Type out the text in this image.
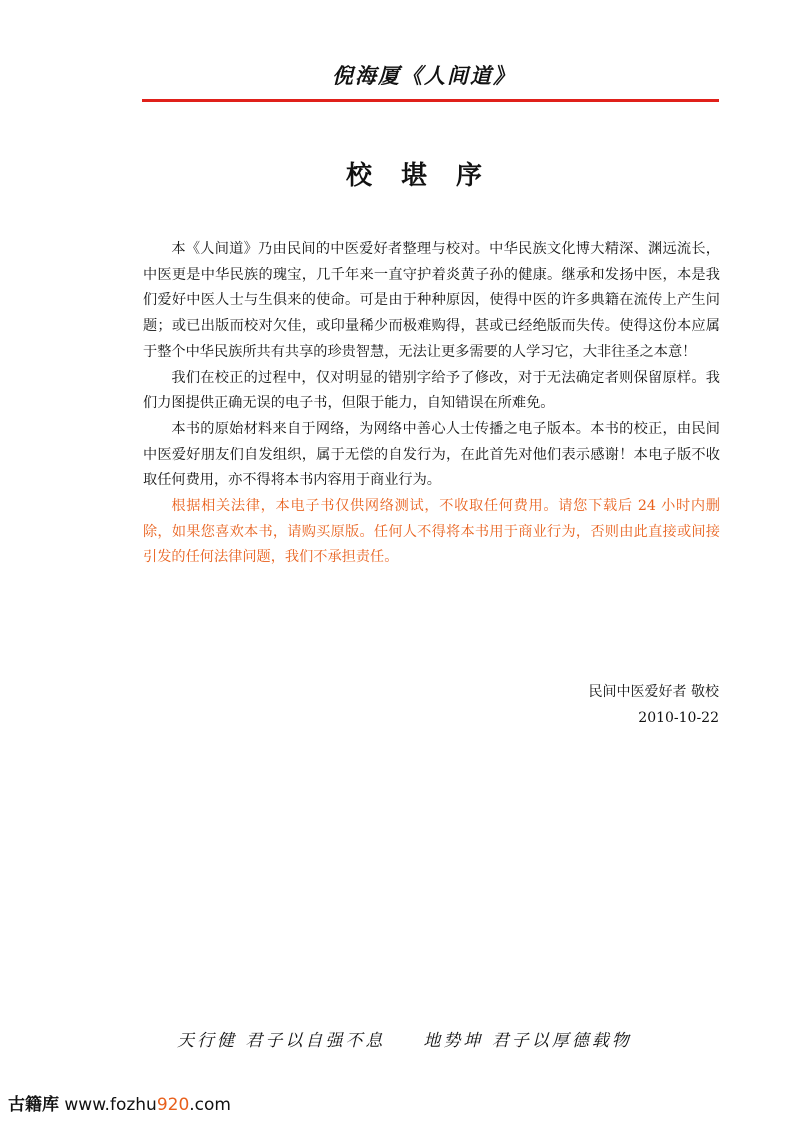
倪海厦《人间道》
校 堪 序

本《人间道》乃由民间的中医爱好者整理与校对。中华民族文化博大精深、渊远流长，中医更是中华民族的瑰宝，几千年来一直守护着炎黄子孙的健康。继承和发扬中医，本是我们爱好中医人士与生俱来的使命。可是由于种种原因，使得中医的许多典籍在流传上产生问题；或已出版而校对欠佳，或印量稀少而极难购得，甚或已经绝版而失传。使得这份本应属于整个中华民族所共有共享的珍贵智慧，无法让更多需要的人学习它，大非往圣之本意！

我们在校正的过程中，仅对明显的错别字给予了修改，对于无法确定者则保留原样。我们力图提供正确无误的电子书，但限于能力，自知错误在所难免。

本书的原始材料来自于网络，为网络中善心人士传播之电子版本。本书的校正，由民间中医爱好朋友们自发组织，属于无偿的自发行为，在此首先对他们表示感谢！本电子版不收取任何费用，亦不得将本书内容用于商业行为。

根据相关法律，本电子书仅供网络测试，不收取任何费用。请您下载后 24 小时内删除，如果您喜欢本书，请购买原版。任何人不得将本书用于商业行为，否则由此直接或间接引发的任何法律问题，我们不承担责任。

民间中医爱好者 敬校
2010-10-22
天行健 君子以自强不息 地势坤 君子以厚德载物
古籍库 www.fozhu920.com
